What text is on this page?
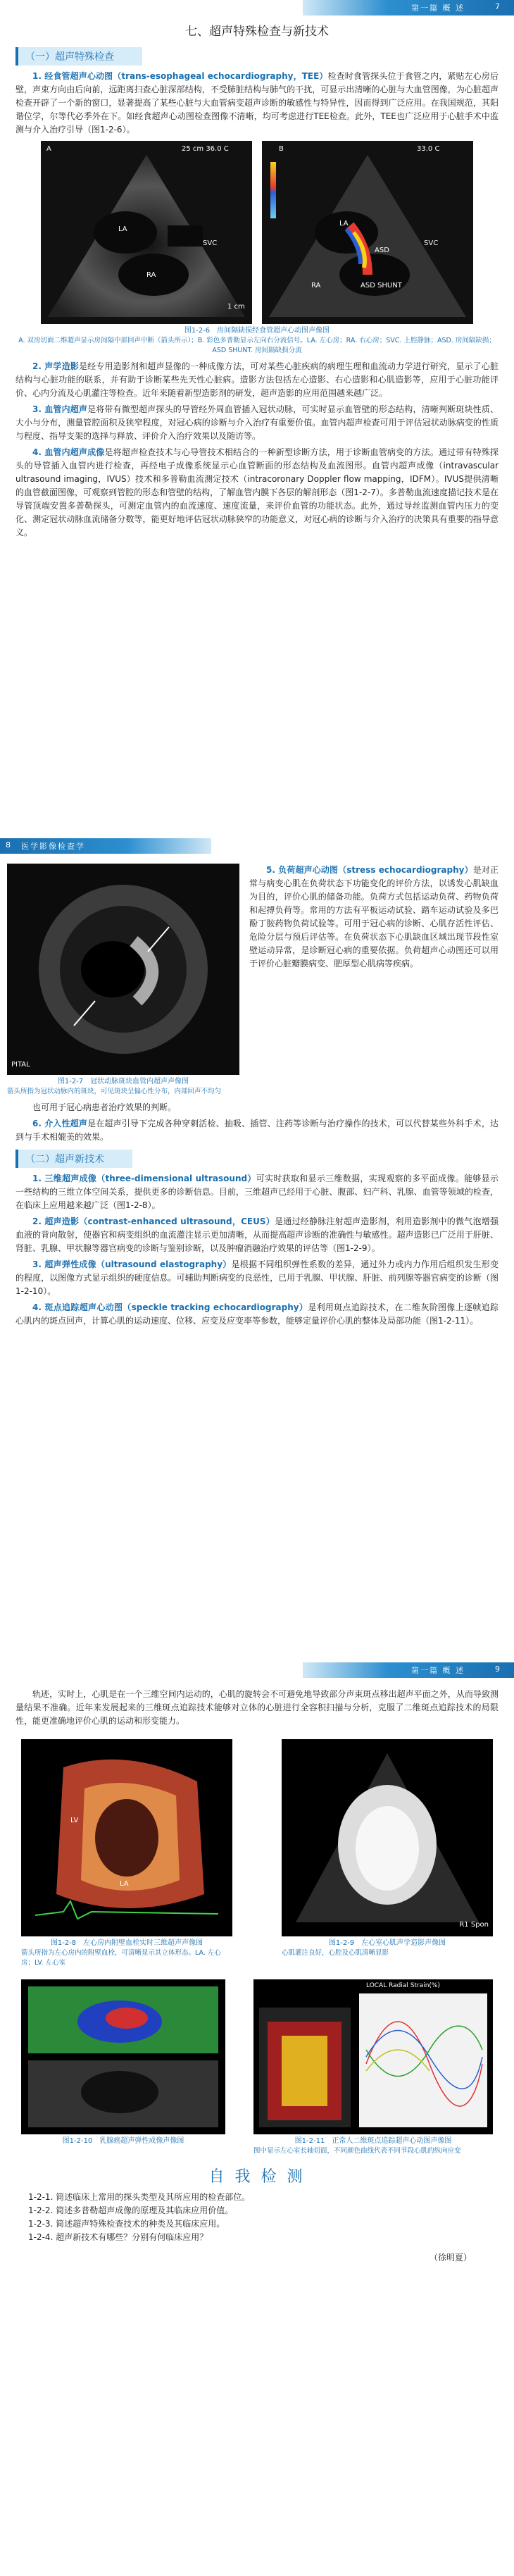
第一篇 概 述	7
七、超声特殊检查与新技术
（一）超声特殊检查

1. 经食管超声心动图（trans-esophageal echocardiography，TEE）检查时食管探头位于食管之内，紧贴左心房后壁，声束方向由后向前，远距离扫查心脏深部结构，不受肺脏结构与肺气的干扰，可显示出清晰的心脏与大血管图像，为心脏超声检查开辟了一个新的窗口，显著提高了某些心脏与大血管病变超声诊断的敏感性与特异性，因而得到广泛应用。在我国规范，其阳谐位学，尔等代必季外在下。如经食超声心动图检查图像不清晰，均可考虑进行TEE检查。此外，TEE也广泛应用于心脏手术中监测与介入治疗引导（图1-2-6）。

A	25 cm 36.0 C
LA
RA
SVC
1 cm
B	33.0 C
LA
ASD
ASD SHUNT
RA
SVC
图1-2-6　房间隔缺损经食管超声心动图声像图
A. 双房切面二维超声显示房间隔中部回声中断（箭头所示）；B. 彩色多普勒显示左向右分流信号。LA. 左心房；RA. 右心房；SVC. 上腔静脉；ASD. 房间隔缺损；ASD SHUNT. 房间隔缺损分流

2. 声学造影是经专用造影剂和超声显像的一种成像方法，可对某些心脏疾病的病理生理和血流动力学进行研究，显示了心脏结构与心脏功能的联系，并有助于诊断某些先天性心脏病。造影方法包括左心造影、右心造影和心肌造影等，应用于心脏功能评价、心内分流及心肌灌注等检查。近年来随着新型造影剂的研发，超声造影的应用范围越来越广泛。

3. 血管内超声是将带有微型超声探头的导管经外周血管插入冠状动脉，可实时显示血管壁的形态结构，清晰判断斑块性质、大小与分布，测量管腔面积及狭窄程度，对冠心病的诊断与介入治疗有重要价值。血管内超声检查可用于评估冠状动脉病变的性质与程度、指导支架的选择与释放、评价介入治疗效果以及随访等。

4. 血管内超声成像是将超声检查技术与心导管技术相结合的一种新型诊断方法，用于诊断血管病变的方法。通过带有特殊探头的导管插入血管内进行检查，再经电子成像系统显示心血管断面的形态结构及血流图形。血管内超声成像（intravascular ultrasound imaging，IVUS）技术和多普勒血流测定技术（intracoronary Doppler flow mapping，IDFM）。IVUS提供清晰的血管截面图像，可观察到管腔的形态和管壁的结构，了解血管内膜下各层的解剖形态（图1-2-7）。多普勒血流速度描记技术是在导管顶端安置多普勒探头，可测定血管内的血流速度、速度流量，来评价血管的功能状态。此外，通过导丝监测血管内压力的变化、测定冠状动脉血流储备分数等，能更好地评估冠状动脉狭窄的功能意义，对冠心病的诊断与介入治疗的决策具有重要的指导意义。

8 医学影像检查学
PITAL
图1-2-7　冠状动脉斑块血管内超声声像图
箭头所指为冠状动脉内的斑块，可见斑块呈偏心性分布，内部回声不均匀

5. 负荷超声心动图（stress echocardiography）是对正常与病变心肌在负荷状态下功能变化的评价方法，以诱发心肌缺血为目的，评价心肌的储备功能。负荷方式包括运动负荷、药物负荷和起搏负荷等。常用的方法有平板运动试验、踏车运动试验及多巴酚丁胺药物负荷试验等。可用于冠心病的诊断、心肌存活性评估、危险分层与预后评估等。在负荷状态下心肌缺血区域出现节段性室壁运动异常，是诊断冠心病的重要依据。负荷超声心动图还可以用于评价心脏瓣膜病变、肥厚型心肌病等疾病。

也可用于冠心病患者治疗效果的判断。

6. 介入性超声是在超声引导下完成各种穿刺活检、抽吸、插管、注药等诊断与治疗操作的技术，可以代替某些外科手术，达到与手术相媲美的效果。

（二）超声新技术

1. 三维超声成像（three-dimensional ultrasound）可实时获取和显示三维数据，实现观察的多平面成像。能够显示一些结构的三维立体空间关系，提供更多的诊断信息。目前，三维超声已经用于心脏、腹部、妇产科、乳腺、血管等领域的检查，在临床上应用越来越广泛（图1-2-8）。

2. 超声造影（contrast-enhanced ultrasound，CEUS）是通过经静脉注射超声造影剂，利用造影剂中的微气泡增强血液的背向散射，使器官和病变组织的血流灌注显示更加清晰，从而提高超声诊断的准确性与敏感性。超声造影已广泛用于肝脏、肾脏、乳腺、甲状腺等器官病变的诊断与鉴别诊断，以及肿瘤消融治疗效果的评估等（图1-2-9）。

3. 超声弹性成像（ultrasound elastography）是根据不同组织弹性系数的差异，通过外力或内力作用后组织发生形变的程度，以图像方式显示组织的硬度信息。可辅助判断病变的良恶性，已用于乳腺、甲状腺、肝脏、前列腺等器官病变的诊断（图1-2-10）。

4. 斑点追踪超声心动图（speckle tracking echocardiography）是利用斑点追踪技术，在二维灰阶图像上逐帧追踪心肌内的斑点回声，计算心肌的运动速度、位移、应变及应变率等参数，能够定量评价心肌的整体及局部功能（图1-2-11）。

第一篇 概 述	9

轨迹，实时上，心肌是在一个三维空间内运动的，心肌的旋转会不可避免地导致部分声束斑点移出超声平面之外，从而导致测量结果不准确。近年来发展起来的三维斑点追踪技术能够对立体的心脏进行全容积扫描与分析，克服了二维斑点追踪技术的局限性，能更准确地评价心肌的运动和形变能力。

LV
LA
图1-2-8　左心房内附壁血栓实时三维超声声像图
箭头所指为左心房内的附壁血栓，可清晰显示其立体形态。LA. 左心房；LV. 左心室
R1 Spon
图1-2-9　左心室心肌声学造影声像图
心肌灌注良好，心腔及心肌清晰显影
图1-2-10　乳腺癌超声弹性成像声像图
LOCAL Radial Strain(%)
图1-2-11　正常人二维斑点追踪超声心动图声像图
图中显示左心室长轴切面，不同颜色曲线代表不同节段心肌的纵向应变
自 我 检 测
1-2-1. 简述临床上常用的探头类型及其所应用的检查部位。
1-2-2. 简述多普勒超声成像的原理及其临床应用价值。
1-2-3. 简述超声特殊检查技术的种类及其临床应用。
1-2-4. 超声新技术有哪些？分别有何临床应用？
（徐明夏）
